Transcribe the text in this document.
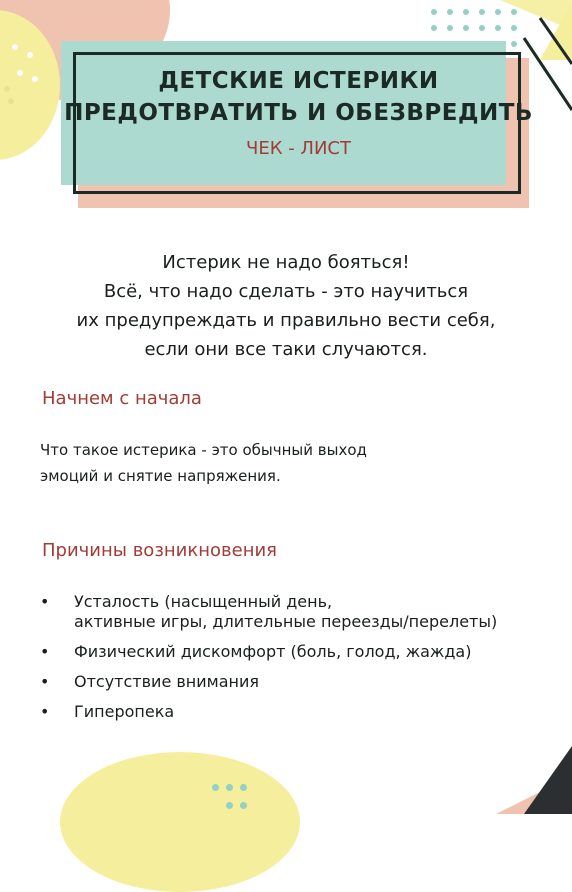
ДЕТСКИЕ ИСТЕРИКИ
ПРЕДОТВРАТИТЬ И ОБЕЗВРЕДИТЬ
ЧЕК - ЛИСТ
Истерик не надо бояться!
Всё, что надо сделать - это научиться
их предупреждать и правильно вести себя,
если они все таки случаются.
Начнем с начала
Что такое истерика - это обычный выход
эмоций и снятие напряжения.
Причины возникновения
• Усталость (насыщенный день,
активные игры, длительные переезды/перелеты)
• Физический дискомфорт (боль, голод, жажда)
• Отсутствие внимания
• Гиперопека
